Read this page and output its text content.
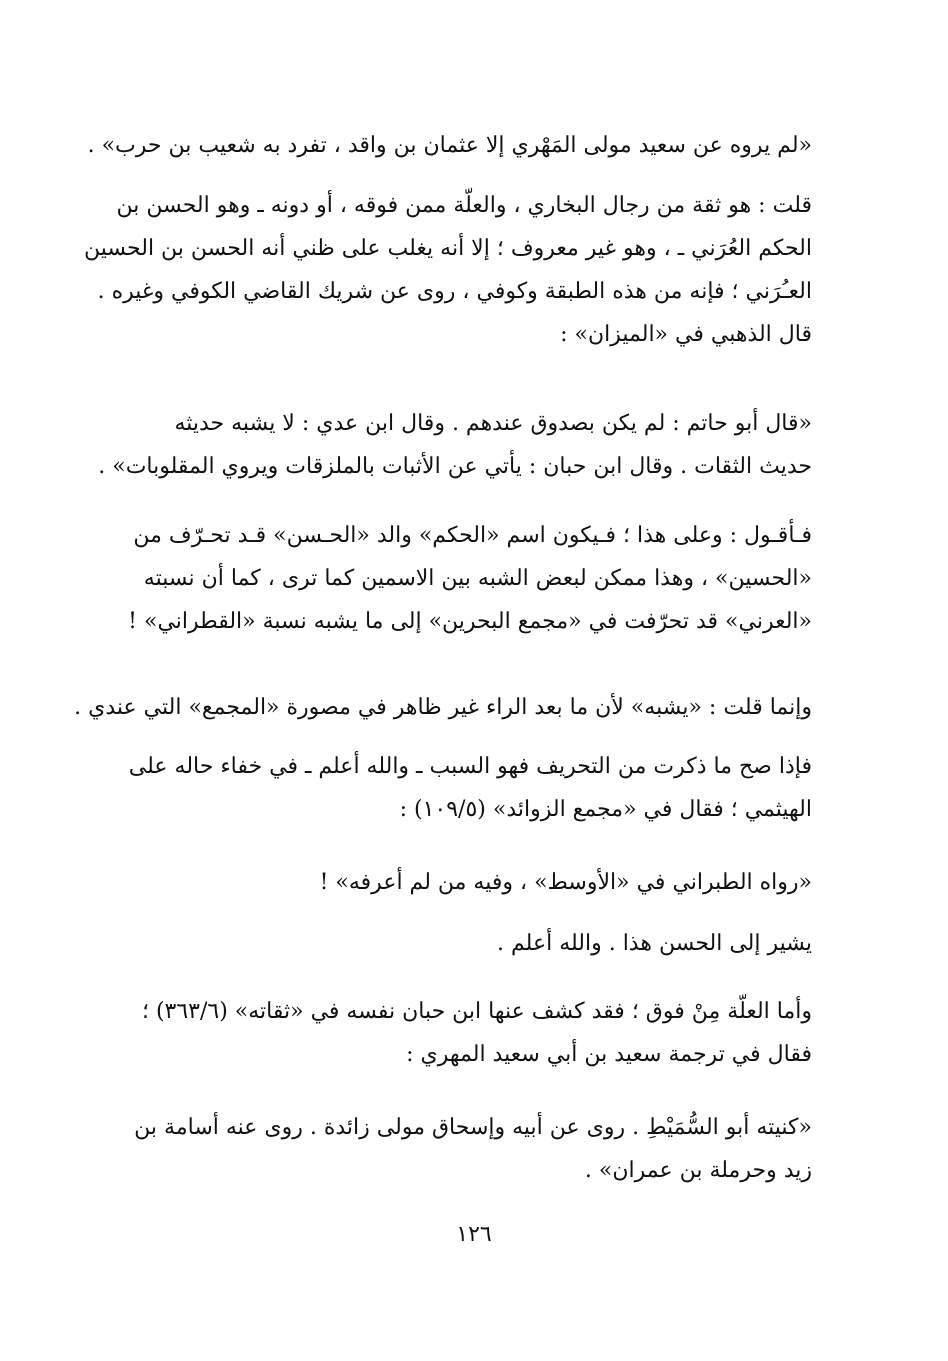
«لم يروه عن سعيد مولى المَهْري إلا عثمان بن واقد ، تفرد به شعيب بن حرب» .
قلت : هو ثقة من رجال البخاري ، والعلّة ممن فوقه ، أو دونه ـ وهو الحسن بن
الحكم العُرَني ـ ، وهو غير معروف ؛ إلا أنه يغلب على ظني أنه الحسن بن الحسين
العـُرَني ؛ فإنه من هذه الطبقة وكوفي ، روى عن شريك القاضي الكوفي وغيره .
قال الذهبي في «الميزان» :
«قال أبو حاتم : لم يكن بصدوق عندهم . وقال ابن عدي : لا يشبه حديثه
حديث الثقات . وقال ابن حبان : يأتي عن الأثبات بالملزقات ويروي المقلوبات» .
فـأقـول : وعلى هذا ؛ فـيكون اسم «الحكم» والد «الحـسن» قـد تحـرّف من
«الحسين» ، وهذا ممكن لبعض الشبه بين الاسمين كما ترى ، كما أن نسبته
«العرني» قد تحرّفت في «مجمع البحرين» إلى ما يشبه نسبة «القطراني» !
وإنما قلت : «يشبه» لأن ما بعد الراء غير ظاهر في مصورة «المجمع» التي عندي .
فإذا صح ما ذكرت من التحريف فهو السبب ـ والله أعلم ـ في خفاء حاله على
الهيثمي ؛ فقال في «مجمع الزوائد» (١٠٩/٥) :
«رواه الطبراني في «الأوسط» ، وفيه من لم أعرفه» !
يشير إلى الحسن هذا . والله أعلم .
وأما العلّة مِنْ فوق ؛ فقد كشف عنها ابن حبان نفسه في «ثقاته» (٣٦٣/٦) ؛
فقال في ترجمة سعيد بن أبي سعيد المهري :
«كنيته أبو السُّمَيْطِ . روى عن أبيه وإسحاق مولى زائدة . روى عنه أسامة بن
زيد وحرملة بن عمران» .
١٢٦
